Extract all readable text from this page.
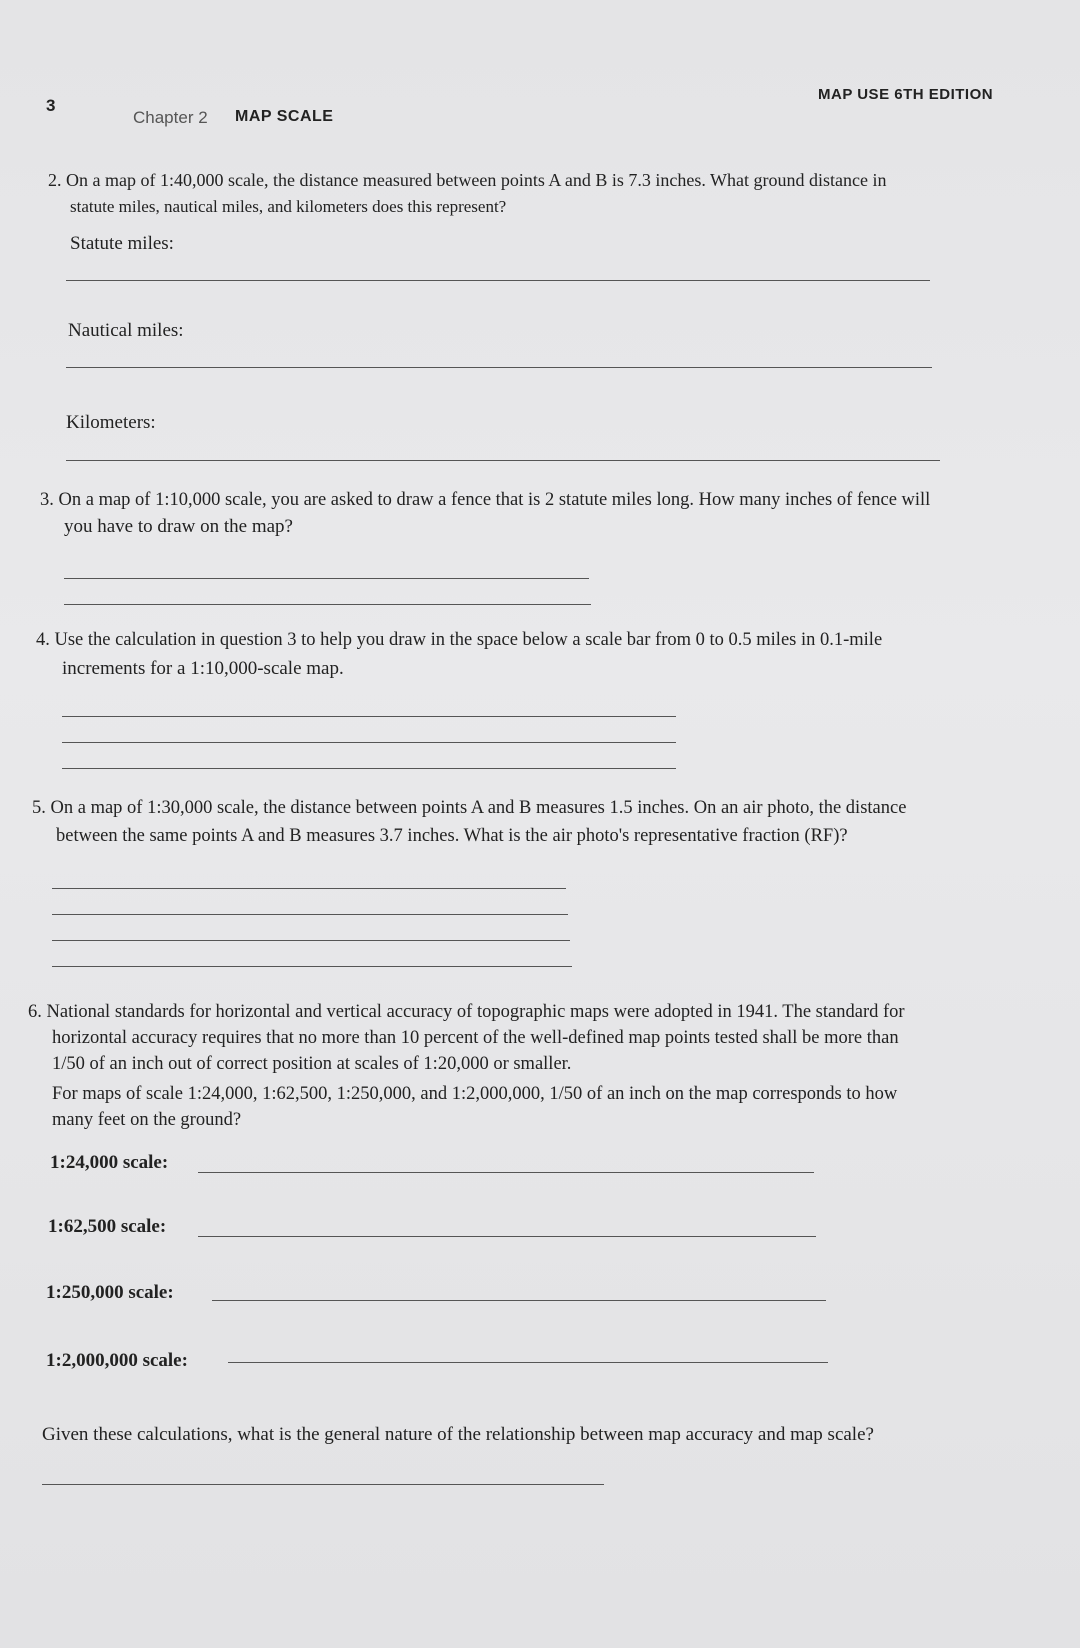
3
Chapter 2 MAP SCALE
MAP USE 6TH EDITION
2. On a map of 1:40,000 scale, the distance measured between points A and B is 7.3 inches. What ground distance in
statute miles, nautical miles, and kilometers does this represent?
Statute miles:
Nautical miles:
Kilometers:
3. On a map of 1:10,000 scale, you are asked to draw a fence that is 2 statute miles long. How many inches of fence will
you have to draw on the map?
4. Use the calculation in question 3 to help you draw in the space below a scale bar from 0 to 0.5 miles in 0.1-mile
increments for a 1:10,000-scale map.
5. On a map of 1:30,000 scale, the distance between points A and B measures 1.5 inches. On an air photo, the distance
between the same points A and B measures 3.7 inches. What is the air photo's representative fraction (RF)?
6. National standards for horizontal and vertical accuracy of topographic maps were adopted in 1941. The standard for
horizontal accuracy requires that no more than 10 percent of the well-defined map points tested shall be more than
1/50 of an inch out of correct position at scales of 1:20,000 or smaller.
For maps of scale 1:24,000, 1:62,500, 1:250,000, and 1:2,000,000, 1/50 of an inch on the map corresponds to how
many feet on the ground?
1:24,000 scale:
1:62,500 scale:
1:250,000 scale:
1:2,000,000 scale:
Given these calculations, what is the general nature of the relationship between map accuracy and map scale?
